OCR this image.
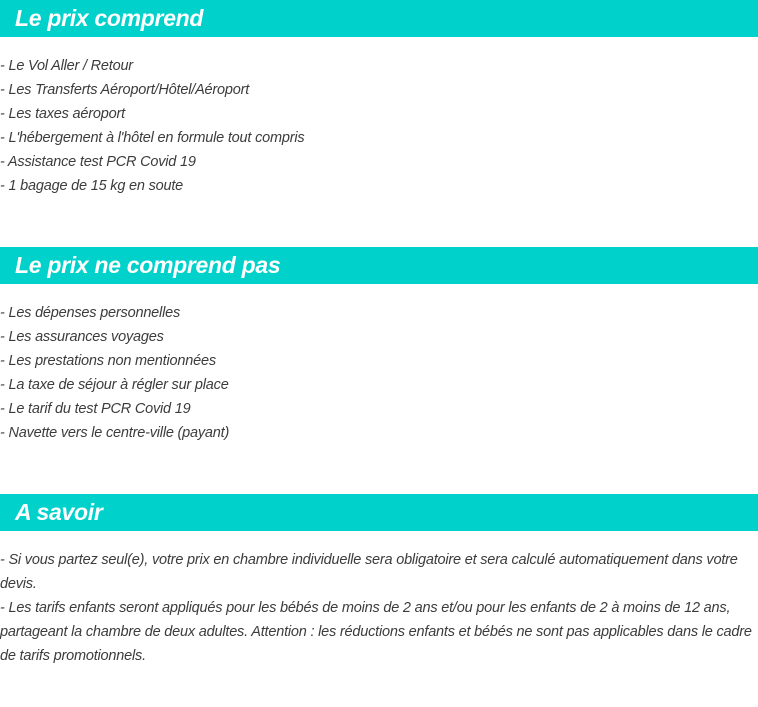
Le prix comprend
- Le Vol Aller / Retour
- Les Transferts Aéroport/Hôtel/Aéroport
- Les taxes aéroport
- L'hébergement à l'hôtel en formule tout compris
- Assistance test PCR Covid 19
- 1 bagage de 15 kg en soute
Le prix ne comprend pas
- Les dépenses personnelles
- Les assurances voyages
- Les prestations non mentionnées
- La taxe de séjour à régler sur place
- Le tarif du test PCR Covid 19
- Navette vers le centre-ville (payant)
A savoir

- Si vous partez seul(e), votre prix en chambre individuelle sera obligatoire et sera calculé automatiquement dans votre devis.

- Les tarifs enfants seront appliqués pour les bébés de moins de 2 ans et/ou pour les enfants de 2 à moins de 12 ans, partageant la chambre de deux adultes. Attention : les réductions enfants et bébés ne sont pas applicables dans le cadre de tarifs promotionnels.
